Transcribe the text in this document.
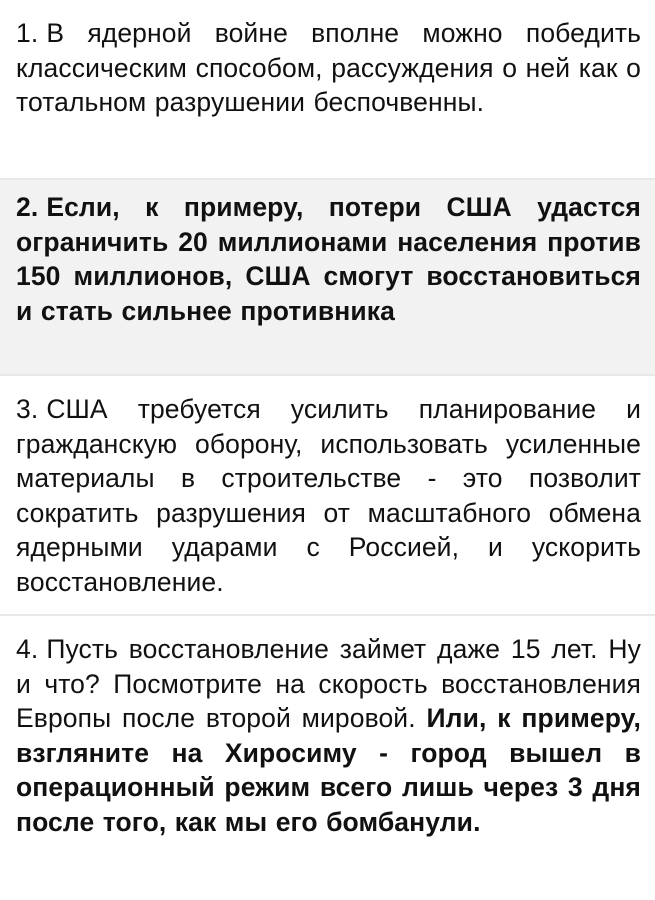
1. В ядерной войне вполне можно победить классическим способом, рассуждения о ней как о тотальном разрушении беспочвенны.
2. Если, к примеру, потери США удастся ограничить 20 миллионами населения против 150 миллионов, США смогут восстановиться и стать сильнее противника
3. США требуется усилить планирование и гражданскую оборону, использовать усиленные материалы в строительстве - это позволит сократить разрушения от масштабного обмена ядерными ударами с Россией, и ускорить восстановление.
4. Пусть восстановление займет даже 15 лет. Ну и что? Посмотрите на скорость восстановления Европы после второй мировой. Или, к примеру, взгляните на Хиросиму - город вышел в операционный режим всего лишь через 3 дня после того, как мы его бомбанули.
